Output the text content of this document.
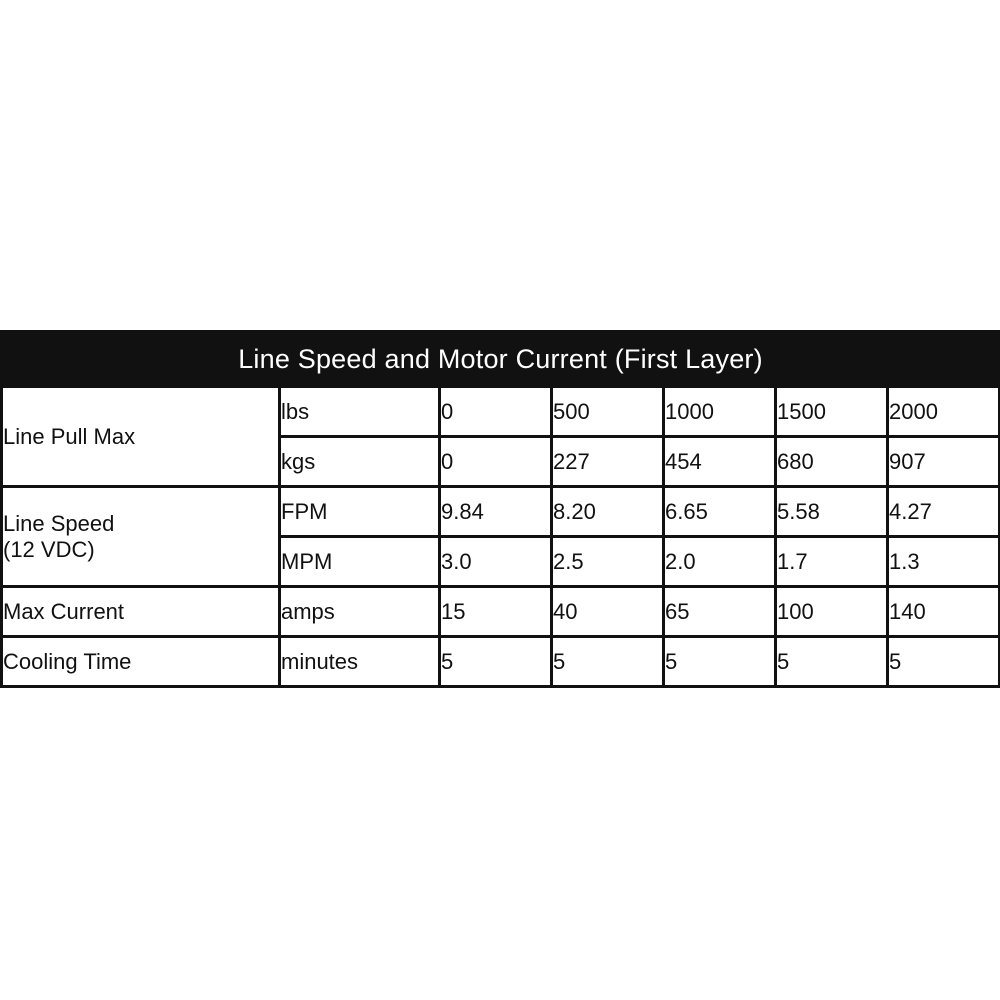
Line Speed and Motor Current (First Layer)						
Line Pull Max	lbs	0	500	1000	1500	2000
	kgs	0	227	454	680	907

Line Speed
(12 VDC)	FPM	9.84	8.20	6.65	5.58	4.27
	MPM	3.0	2.5	2.0	1.7	1.3
Max Current	amps	15	40	65	100	140
Cooling Time	minutes	5	5	5	5	5
